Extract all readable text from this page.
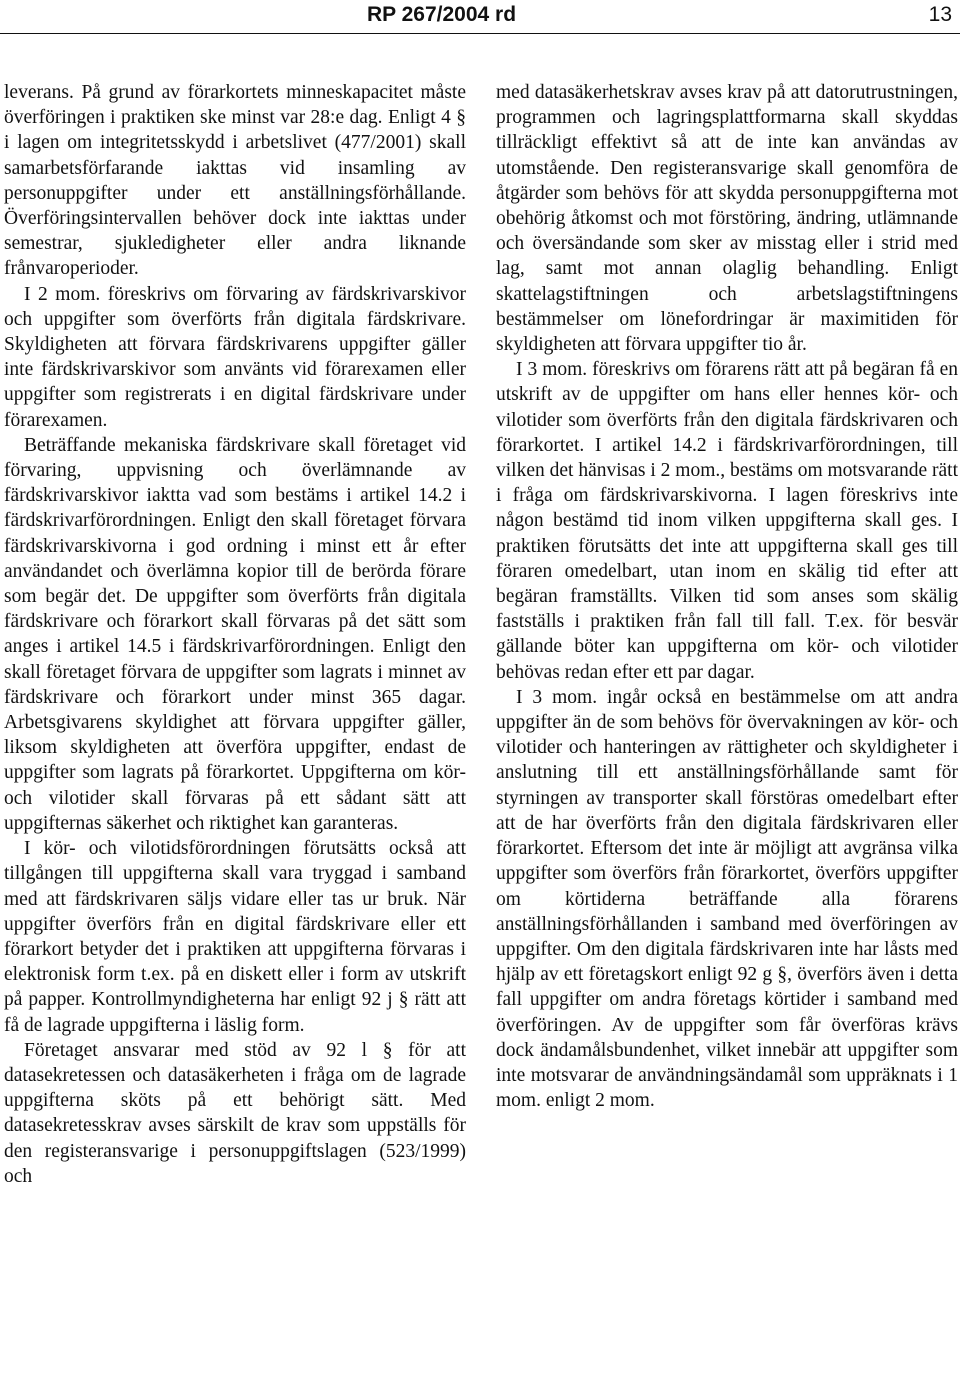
RP 267/2004 rd	13

leverans. På grund av förarkortets minneskapacitet måste överföringen i praktiken ske minst var 28:e dag. Enligt 4 § i lagen om integritetsskydd i arbetslivet (477/2001) skall samarbetsförfarande iakttas vid insamling av personuppgifter under ett anställningsförhållande. Överföringsintervallen behöver dock inte iakttas under semestrar, sjukledigheter eller andra liknande frånvaroperioder.

I 2 mom. föreskrivs om förvaring av färdskrivarskivor och uppgifter som överförts från digitala färdskrivare. Skyldigheten att förvara färdskrivarens uppgifter gäller inte färdskrivarskivor som använts vid förarexamen eller uppgifter som registrerats i en digital färdskrivare under förarexamen.

Beträffande mekaniska färdskrivare skall företaget vid förvaring, uppvisning och överlämnande av färdskrivarskivor iaktta vad som bestäms i artikel 14.2 i färdskrivarförordningen. Enligt den skall företaget förvara färdskrivarskivorna i god ordning i minst ett år efter användandet och överlämna kopior till de berörda förare som begär det. De uppgifter som överförts från digitala färdskrivare och förarkort skall förvaras på det sätt som anges i artikel 14.5 i färdskrivarförordningen. Enligt den skall företaget förvara de uppgifter som lagrats i minnet av färdskrivare och förarkort under minst 365 dagar. Arbetsgivarens skyldighet att förvara uppgifter gäller, liksom skyldigheten att överföra uppgifter, endast de uppgifter som lagrats på förarkortet. Uppgifterna om kör- och vilotider skall förvaras på ett sådant sätt att uppgifternas säkerhet och riktighet kan garanteras.

I kör- och vilotidsförordningen förutsätts också att tillgången till uppgifterna skall vara tryggad i samband med att färdskrivaren säljs vidare eller tas ur bruk. När uppgifter överförs från en digital färdskrivare eller ett förarkort betyder det i praktiken att uppgifterna förvaras i elektronisk form t.ex. på en diskett eller i form av utskrift på papper. Kontrollmyndigheterna har enligt 92 j § rätt att få de lagrade uppgifterna i läslig form.

Företaget ansvarar med stöd av 92 l § för att datasekretessen och datasäkerheten i fråga om de lagrade uppgifterna sköts på ett behörigt sätt. Med datasekretesskrav avses särskilt de krav som uppställs för den registeransvarige i personuppgiftslagen (523/1999) och

med datasäkerhetskrav avses krav på att datorutrustningen, programmen och lagringsplattformarna skall skyddas tillräckligt effektivt så att de inte kan användas av utomstående. Den registeransvarige skall genomföra de åtgärder som behövs för att skydda personuppgifterna mot obehörig åtkomst och mot förstöring, ändring, utlämnande och översändande som sker av misstag eller i strid med lag, samt mot annan olaglig behandling. Enligt skattelagstiftningen och arbetslagstiftningens bestämmelser om lönefordringar är maximitiden för skyldigheten att förvara uppgifter tio år.

I 3 mom. föreskrivs om förarens rätt att på begäran få en utskrift av de uppgifter om hans eller hennes kör- och vilotider som överförts från den digitala färdskrivaren och förarkortet. I artikel 14.2 i färdskrivarförordningen, till vilken det hänvisas i 2 mom., bestäms om motsvarande rätt i fråga om färdskrivarskivorna. I lagen föreskrivs inte någon bestämd tid inom vilken uppgifterna skall ges. I praktiken förutsätts det inte att uppgifterna skall ges till föraren omedelbart, utan inom en skälig tid efter att begäran framställts. Vilken tid som anses som skälig fastställs i praktiken från fall till fall. T.ex. för besvär gällande böter kan uppgifterna om kör- och vilotider behövas redan efter ett par dagar.

I 3 mom. ingår också en bestämmelse om att andra uppgifter än de som behövs för övervakningen av kör- och vilotider och hanteringen av rättigheter och skyldigheter i anslutning till ett anställningsförhållande samt för styrningen av transporter skall förstöras omedelbart efter att de har överförts från den digitala färdskrivaren eller förarkortet. Eftersom det inte är möjligt att avgränsa vilka uppgifter som överförs från förarkortet, överförs uppgifter om körtiderna beträffande alla förarens anställningsförhållanden i samband med överföringen av uppgifter. Om den digitala färdskrivaren inte har låsts med hjälp av ett företagskort enligt 92 g §, överförs även i detta fall uppgifter om andra företags körtider i samband med överföringen. Av de uppgifter som får överföras krävs dock ändamålsbundenhet, vilket innebär att uppgifter som inte motsvarar de användningsändamål som uppräknats i 1 mom. enligt 2 mom.
